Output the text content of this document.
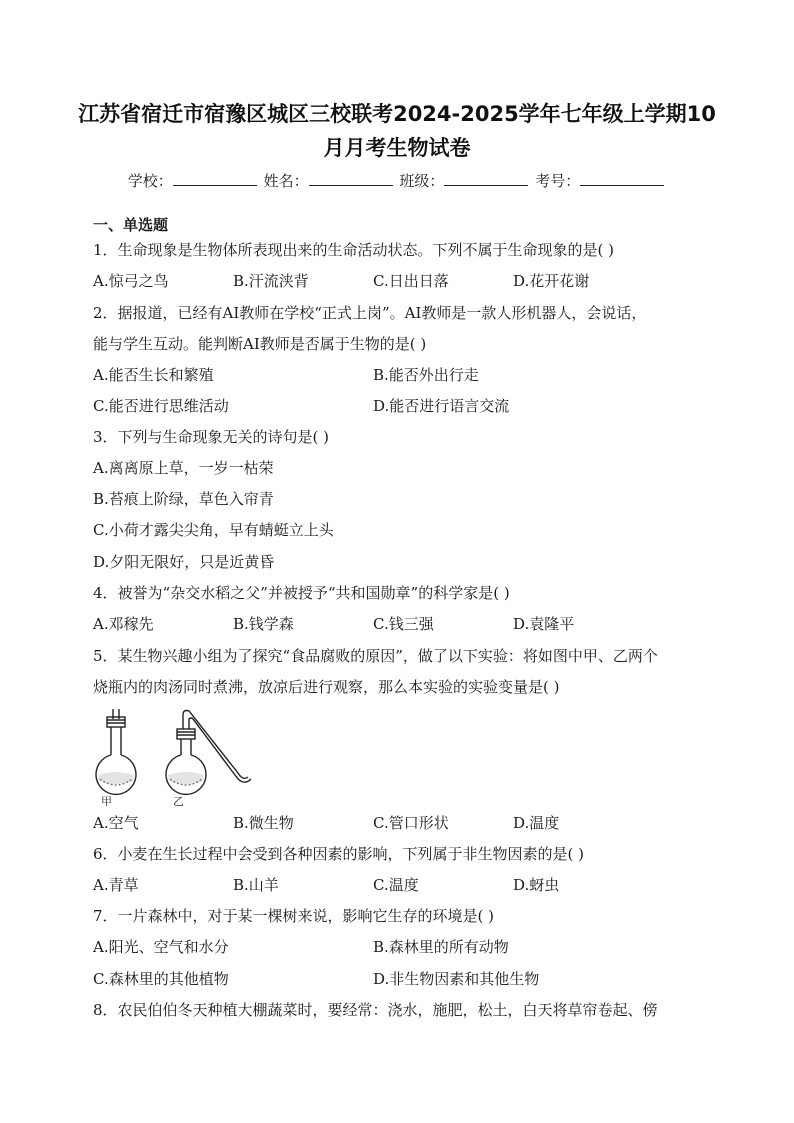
江苏省宿迁市宿豫区城区三校联考2024-2025学年七年级上学期10
月月考生物试卷
学校：	姓名：	班级：	考号：
一、单选题
1．生命现象是生物体所表现出来的生命活动状态。下列不属于生命现象的是( )
A.惊弓之鸟	B.汗流浃背	C.日出日落	D.花开花谢
2．据报道，已经有AI教师在学校“正式上岗”。AI教师是一款人形机器人，会说话，
能与学生互动。能判断AI教师是否属于生物的是( )
A.能否生长和繁殖	B.能否外出行走
C.能否进行思维活动	D.能否进行语言交流
3．下列与生命现象无关的诗句是( )
A.离离原上草，一岁一枯荣
B.苔痕上阶绿，草色入帘青
C.小荷才露尖尖角，早有蜻蜓立上头
D.夕阳无限好，只是近黄昏
4．被誉为“杂交水稻之父”并被授予“共和国勋章”的科学家是( )
A.邓稼先	B.钱学森	C.钱三强	D.袁隆平
5．某生物兴趣小组为了探究“食品腐败的原因”，做了以下实验：将如图中甲、乙两个
烧瓶内的肉汤同时煮沸，放凉后进行观察，那么本实验的实验变量是( )
甲	乙
A.空气	B.微生物	C.管口形状	D.温度
6．小麦在生长过程中会受到各种因素的影响，下列属于非生物因素的是( )
A.青草	B.山羊	C.温度	D.蚜虫
7．一片森林中，对于某一棵树来说，影响它生存的环境是( )
A.阳光、空气和水分	B.森林里的所有动物
C.森林里的其他植物	D.非生物因素和其他生物
8．农民伯伯冬天种植大棚蔬菜时，要经常：浇水，施肥，松土，白天将草帘卷起、傍
